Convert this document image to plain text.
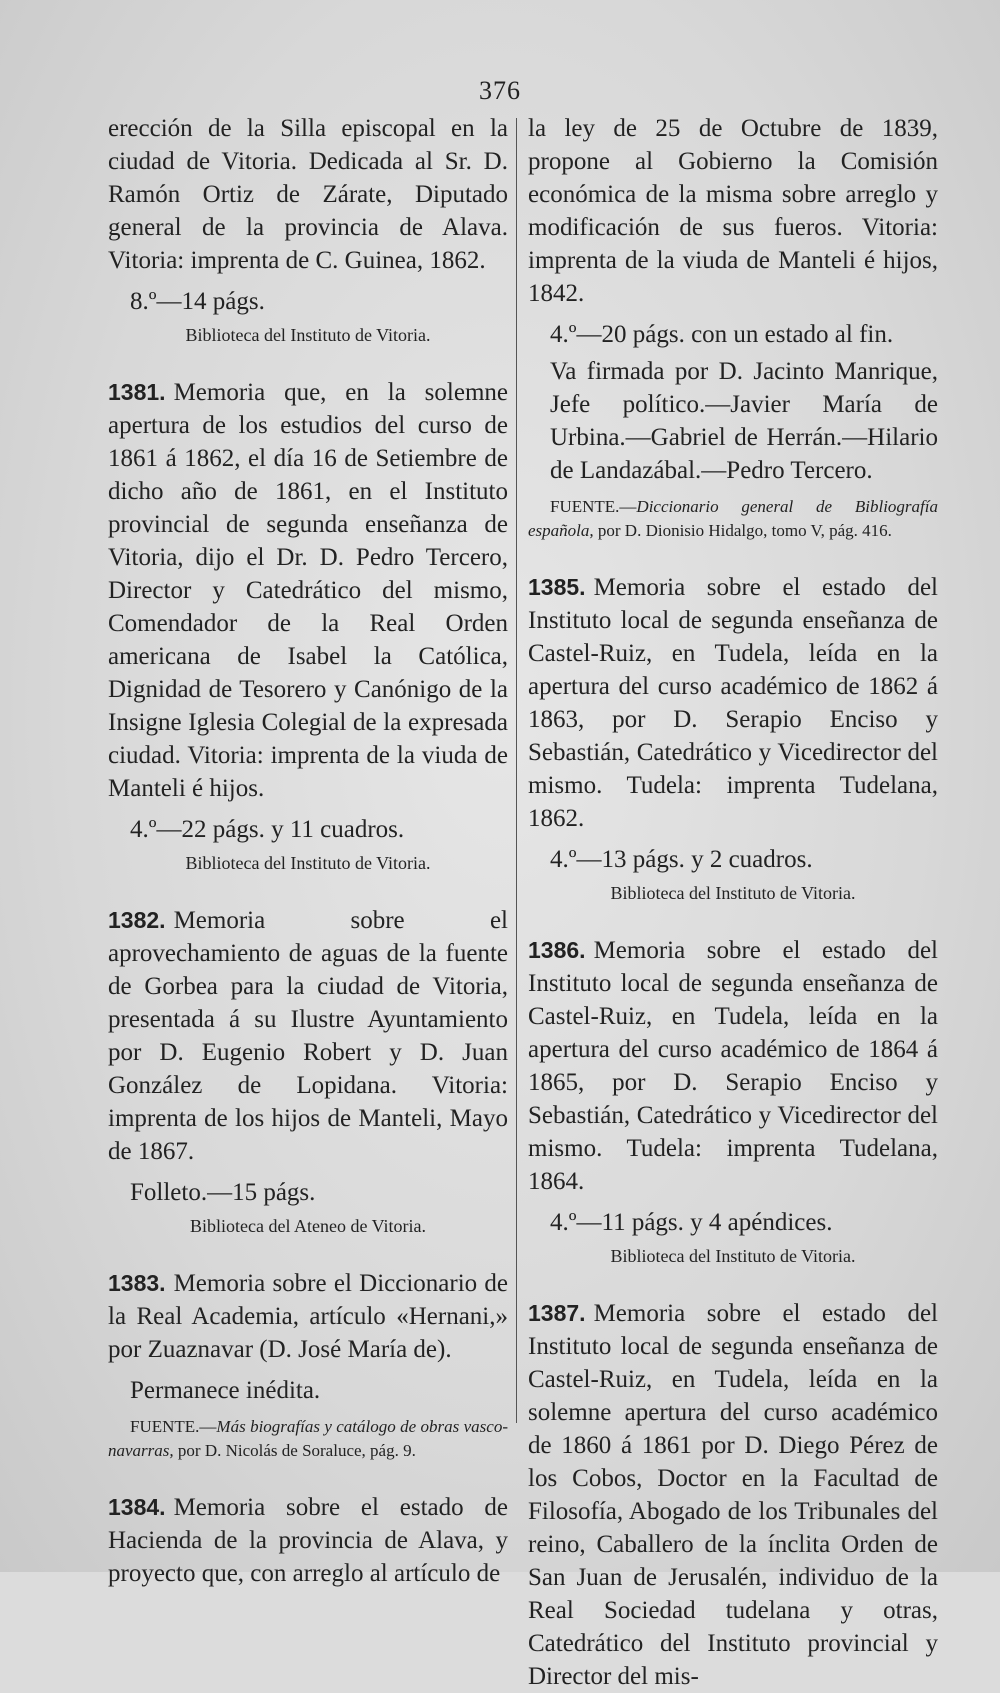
376

erección de la Silla episcopal en la ciudad de Vitoria. Dedicada al Sr. D. Ramón Ortiz de Zárate, Diputado general de la provincia de Alava. Vitoria: imprenta de C. Guinea, 1862.

8.º—14 págs.
Biblioteca del Instituto de Vitoria.

1381. Memoria que, en la solemne apertura de los estudios del curso de 1861 á 1862, el día 16 de Setiembre de dicho año de 1861, en el Instituto provincial de segunda enseñanza de Vitoria, dijo el Dr. D. Pedro Tercero, Director y Catedrático del mismo, Comendador de la Real Orden americana de Isabel la Católica, Dignidad de Tesorero y Canónigo de la Insigne Iglesia Colegial de la expresada ciudad. Vitoria: imprenta de la viuda de Manteli é hijos.

4.º—22 págs. y 11 cuadros.
Biblioteca del Instituto de Vitoria.

1382. Memoria sobre el aprovechamiento de aguas de la fuente de Gorbea para la ciudad de Vitoria, presentada á su Ilustre Ayuntamiento por D. Eugenio Robert y D. Juan González de Lopidana. Vitoria: imprenta de los hijos de Manteli, Mayo de 1867.

Folleto.—15 págs.
Biblioteca del Ateneo de Vitoria.

1383. Memoria sobre el Diccionario de la Real Academia, artículo «Hernani,» por Zuaznavar (D. José María de).

Permanece inédita.
FUENTE.—Más biografías y catálogo de obras vasco-navarras, por D. Nicolás de Soraluce, pág. 9.

1384. Memoria sobre el estado de Hacienda de la provincia de Alava, y proyecto que, con arreglo al artículo de

la ley de 25 de Octubre de 1839, propone al Gobierno la Comisión económica de la misma sobre arreglo y modificación de sus fueros. Vitoria: imprenta de la viuda de Manteli é hijos, 1842.

4.º—20 págs. con un estado al fin.

Va firmada por D. Jacinto Manrique, Jefe político.—Javier María de Urbina.—Gabriel de Herrán.—Hilario de Landazábal.—Pedro Tercero.

FUENTE.—Diccionario general de Bibliografía española, por D. Dionisio Hidalgo, tomo V, pág. 416.

1385. Memoria sobre el estado del Instituto local de segunda enseñanza de Castel-Ruiz, en Tudela, leída en la apertura del curso académico de 1862 á 1863, por D. Serapio Enciso y Sebastián, Catedrático y Vicedirector del mismo. Tudela: imprenta Tudelana, 1862.

4.º—13 págs. y 2 cuadros.
Biblioteca del Instituto de Vitoria.

1386. Memoria sobre el estado del Instituto local de segunda enseñanza de Castel-Ruiz, en Tudela, leída en la apertura del curso académico de 1864 á 1865, por D. Serapio Enciso y Sebastián, Catedrático y Vicedirector del mismo. Tudela: imprenta Tudelana, 1864.

4.º—11 págs. y 4 apéndices.
Biblioteca del Instituto de Vitoria.

1387. Memoria sobre el estado del Instituto local de segunda enseñanza de Castel-Ruiz, en Tudela, leída en la solemne apertura del curso académico de 1860 á 1861 por D. Diego Pérez de los Cobos, Doctor en la Facultad de Filosofía, Abogado de los Tribunales del reino, Caballero de la ínclita Orden de San Juan de Jerusalén, individuo de la Real Sociedad tudelana y otras, Catedrático del Instituto provincial y Director del mis-
